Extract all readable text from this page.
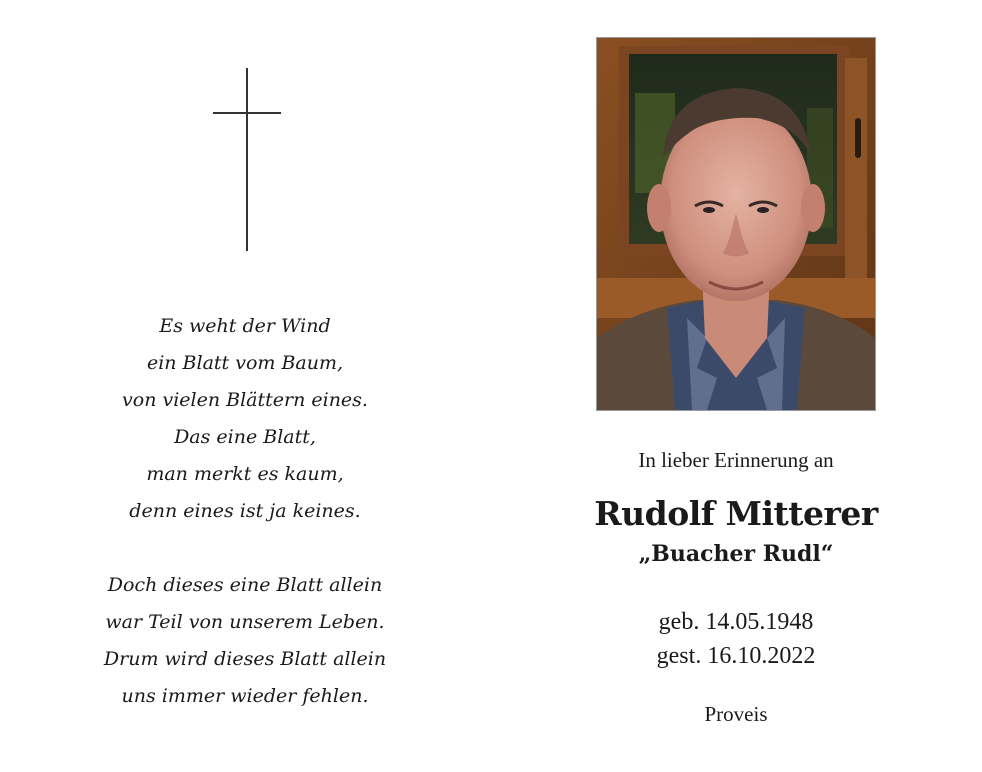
Es weht der Wind
ein Blatt vom Baum,
von vielen Blättern eines.
Das eine Blatt,
man merkt es kaum,
denn eines ist ja keines.
Doch dieses eine Blatt allein
war Teil von unserem Leben.
Drum wird dieses Blatt allein
uns immer wieder fehlen.
In lieber Erinnerung an
Rudolf Mitterer
„Buacher Rudl“
geb. 14.05.1948
gest. 16.10.2022
Proveis
